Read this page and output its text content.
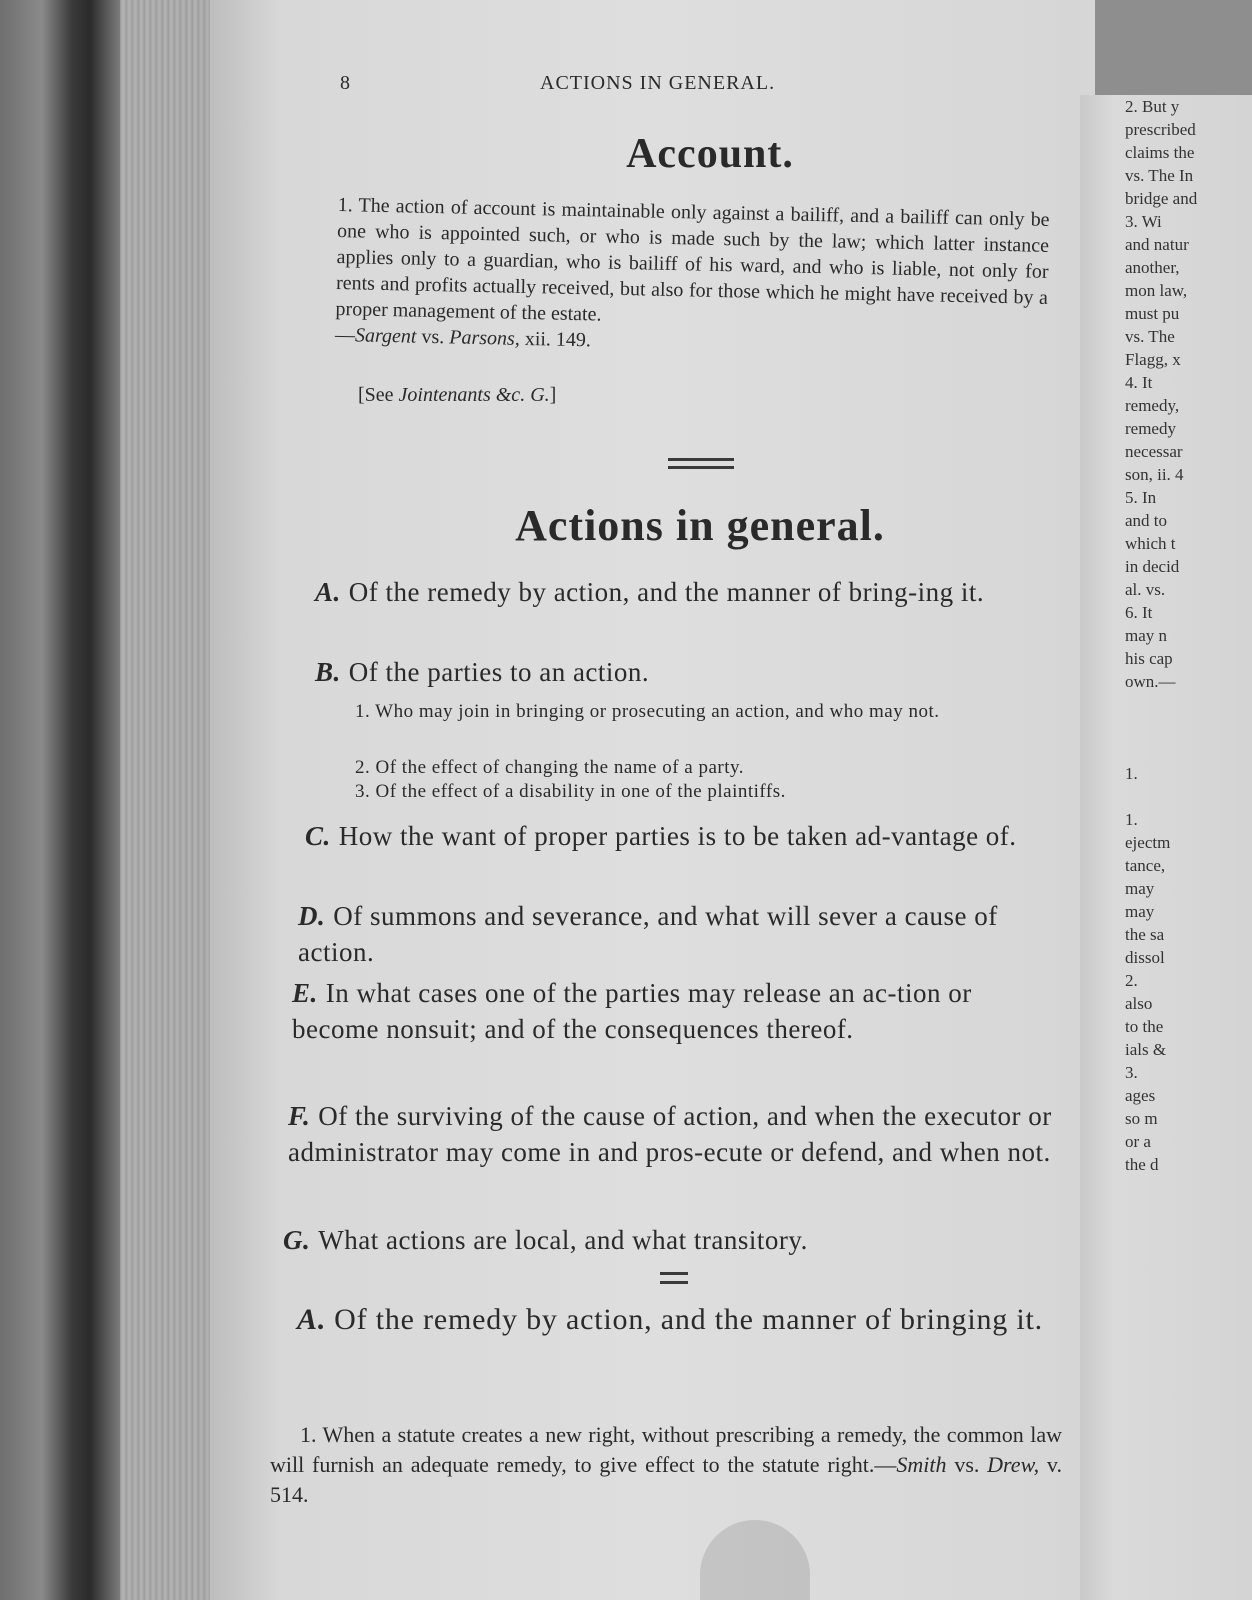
2. But y
prescribed
claims the
vs. The In
bridge and
3. Wi
and natur
another,
mon law,
must pu
vs. The
Flagg, x
4. It
remedy,
remedy
necessar
son, ii. 4
5. In
and to
which t
in decid
al. vs.
6. It
may n
his cap
own.—

1.

1.
ejectm
tance,
may
may
the sa
dissol
2.
also
to the
ials &
3.
ages
so m
or a
the d
8	ACTIONS IN GENERAL.
Account.
1. The action of account is maintainable only against a bailiff, and a bailiff can only be one who is appointed such, or who is made such by the law; which latter instance applies only to a guardian, who is bailiff of his ward, and who is liable, not only for rents and profits actually received, but also for those which he might have received by a proper management of the estate.
—Sargent vs. Parsons, xii. 149.
[See Jointenants &c. G.]
Actions in general.
A. Of the remedy by action, and the manner of bring-ing it.
B. Of the parties to an action.
1. Who may join in bringing or prosecuting an action, and who may not.
2. Of the effect of changing the name of a party.
3. Of the effect of a disability in one of the plaintiffs.
C. How the want of proper parties is to be taken ad-vantage of.
D. Of summons and severance, and what will sever a cause of action.
E. In what cases one of the parties may release an ac-tion or become nonsuit; and of the consequences thereof.
F. Of the surviving of the cause of action, and when the executor or administrator may come in and pros-ecute or defend, and when not.
G. What actions are local, and what transitory.
A. Of the remedy by action, and the manner of bringing it.
1. When a statute creates a new right, without prescribing a remedy, the common law will furnish an adequate remedy, to give effect to the statute right.—Smith vs. Drew, v. 514.
